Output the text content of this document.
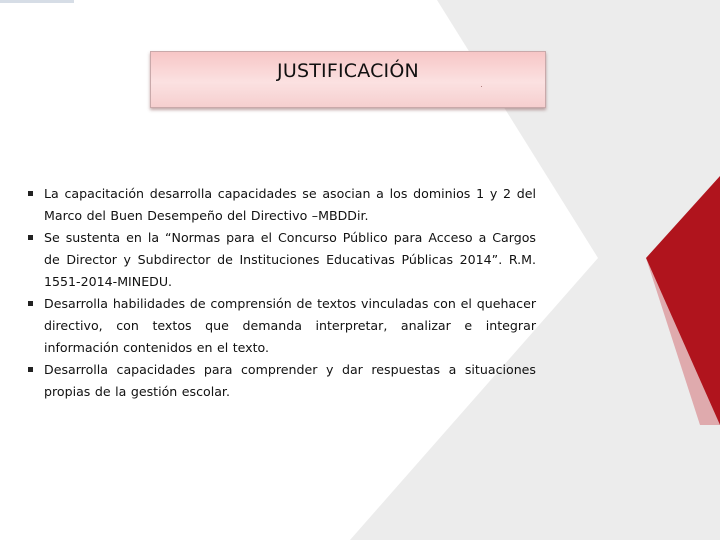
JUSTIFICACIÓN
La capacitación desarrolla capacidades se asocian a los dominios 1 y 2 del Marco del Buen Desempeño del Directivo –MBDDir.
Se sustenta en la “Normas para el Concurso Público para Acceso a Cargos de Director y Subdirector de Instituciones Educativas Públicas 2014”. R.M. 1551-2014-MINEDU.
Desarrolla habilidades de comprensión de textos vinculadas con el quehacer directivo, con textos que demanda interpretar, analizar e integrar información contenidos en el texto.
Desarrolla capacidades para comprender y dar respuestas a situaciones propias de la gestión escolar.
